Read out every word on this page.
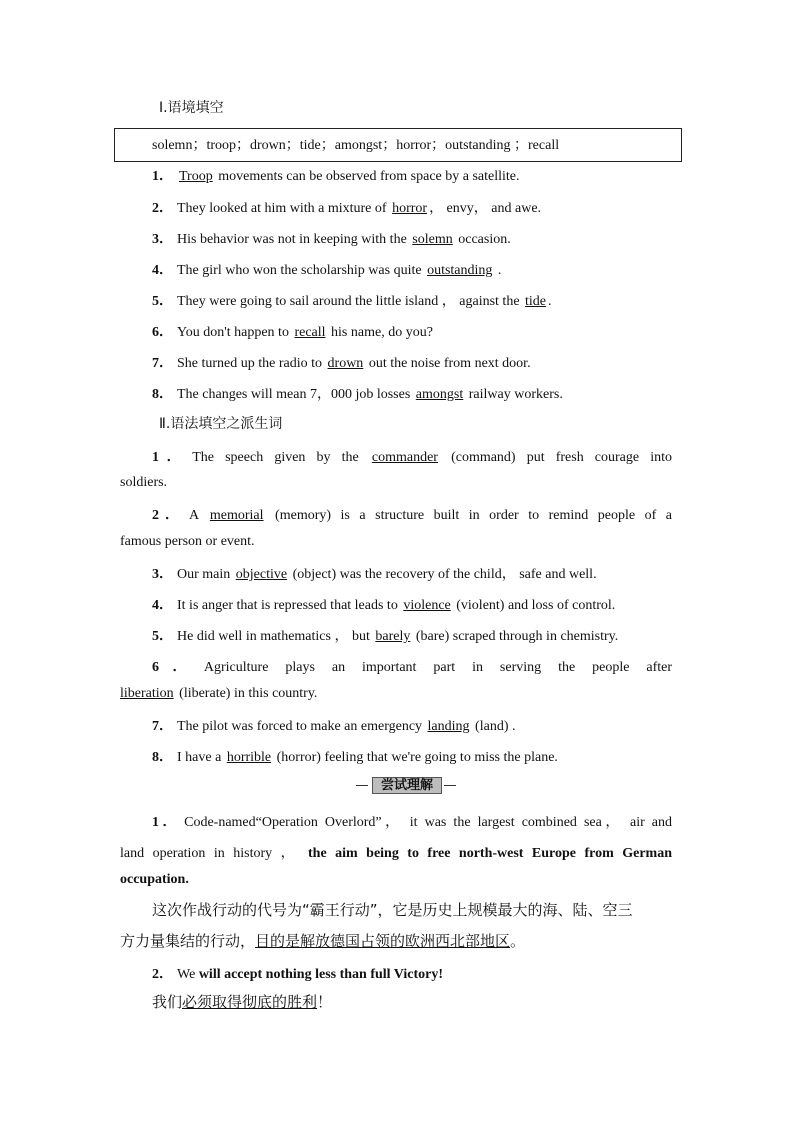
Ⅰ.语境填空
solemn；troop；drown；tide；amongst；horror；outstanding ；recall
1． Troop movements can be observed from space by a satellite.
2． They looked at him with a mixture of horror ， envy， and awe.
3． His behavior was not in keeping with the solemn occasion.
4． The girl who won the scholarship was quite outstanding .
5． They were going to sail around the little island ， against the tide .
6． You don't happen to recall his name, do you?
7． She turned up the radio to drown out the noise from next door.
8． The changes will mean 7，000 job losses amongst railway workers.
Ⅱ.语法填空之派生词
1． The speech given by the commander (command) put fresh courage into
soldiers.
2． A memorial (memory) is a structure built in order to remind people of a
famous person or event.
3． Our main objective (object) was the recovery of the child， safe and well.
4． It is anger that is repressed that leads to violence (violent) and loss of control.
5． He did well in mathematics ， but barely (bare) scraped through in chemistry.
6． Agriculture plays an important part in serving the people after
liberation (liberate) in this country.
7． The pilot was forced to make an emergency landing (land) .
8． I have a horrible (horror) feeling that we're going to miss the plane.
尝试理解
1． Code-named“Operation Overlord”， it was the largest combined sea， air and
land operation in history ， the aim being to free north-west Europe from German
occupation.
这次作战行动的代号为“霸王行动”，它是历史上规模最大的海、陆、空三
方力量集结的行动，目的是解放德国占领的欧洲西北部地区。
2． We will accept nothing less than full Victory!
我们必须取得彻底的胜利！
